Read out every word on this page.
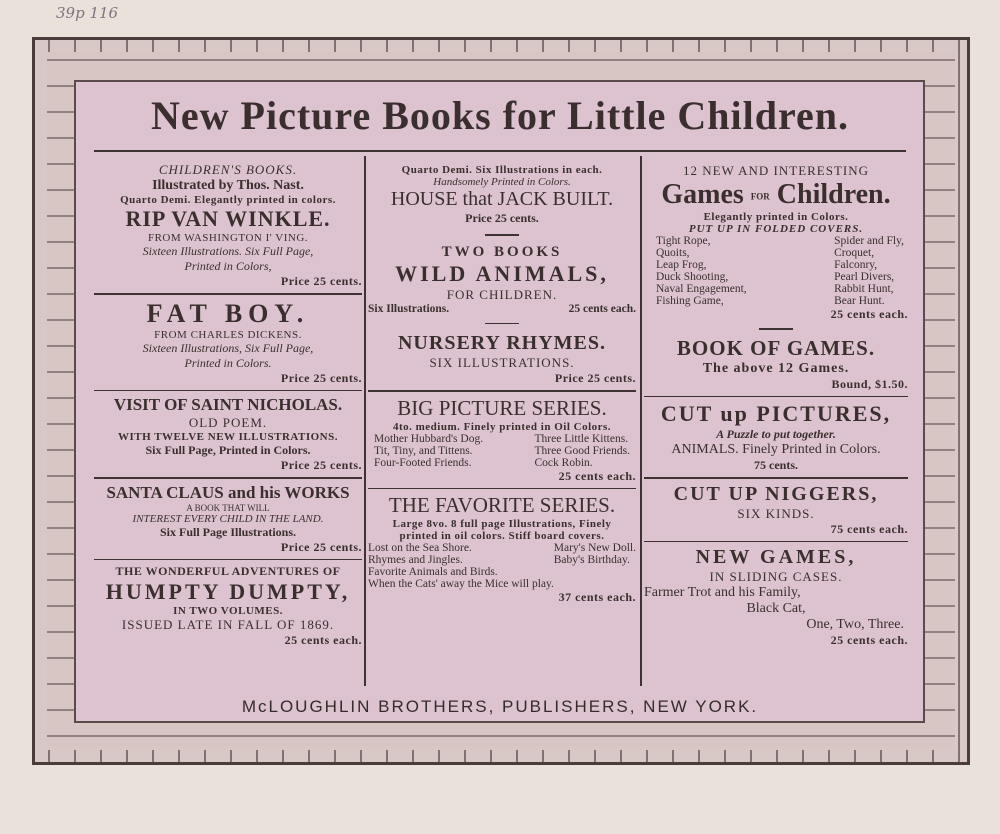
39p 116
New Picture Books for Little Children.
CHILDREN'S BOOKS.
Illustrated by Thos. Nast.
Quarto Demi. Elegantly printed in colors.
RIP VAN WINKLE.
FROM WASHINGTON I' VING.
Sixteen Illustrations. Six Full Page,
Printed in Colors,
Price 25 cents.
FAT BOY.
FROM CHARLES DICKENS.
Sixteen Illustrations, Six Full Page,
Printed in Colors.
Price 25 cents.
VISIT OF SAINT NICHOLAS.
OLD POEM.
WITH TWELVE NEW ILLUSTRATIONS.
Six Full Page, Printed in Colors.
Price 25 cents.
SANTA CLAUS and his WORKS
A BOOK THAT WILL
INTEREST EVERY CHILD IN THE LAND.
Six Full Page Illustrations.
Price 25 cents.
THE WONDERFUL ADVENTURES OF
HUMPTY DUMPTY,
IN TWO VOLUMES.
ISSUED LATE IN FALL OF 1869.
25 cents each.
Quarto Demi. Six Illustrations in each.
Handsomely Printed in Colors.
HOUSE that JACK BUILT.
Price 25 cents.
TWO BOOKS
WILD ANIMALS,
FOR CHILDREN.
Six Illustrations.	25 cents each.
NURSERY RHYMES.
SIX ILLUSTRATIONS.
Price 25 cents.
BIG PICTURE SERIES.
4to. medium. Finely printed in Oil Colors.
Mother Hubbard's Dog.
Tit, Tiny, and Tittens.
Four-Footed Friends.
Three Little Kittens.
Three Good Friends.
Cock Robin.
25 cents each.
THE FAVORITE SERIES.
Large 8vo. 8 full page Illustrations, Finely
printed in oil colors. Stiff board covers.
Lost on the Sea Shore.
Rhymes and Jingles.
Mary's New Doll.
Baby's Birthday.
Favorite Animals and Birds.
When the Cats' away the Mice will play.
37 cents each.
12 NEW AND INTERESTING
Games FOR Children.
Elegantly printed in Colors.
PUT UP IN FOLDED COVERS.
Tight Rope,
Quoits,
Leap Frog,
Duck Shooting,
Naval Engagement,
Fishing Game,
Spider and Fly,
Croquet,
Falconry,
Pearl Divers,
Rabbit Hunt,
Bear Hunt.
25 cents each.
BOOK OF GAMES.
The above 12 Games.
Bound, $1.50.
CUT up PICTURES,
A Puzzle to put together.
ANIMALS. Finely Printed in Colors.
75 cents.
CUT UP NIGGERS,
SIX KINDS.
75 cents each.
NEW GAMES,
IN SLIDING CASES.
Farmer Trot and his Family,
Black Cat,
One, Two, Three.
25 cents each.
McLOUGHLIN BROTHERS, PUBLISHERS, NEW YORK.
